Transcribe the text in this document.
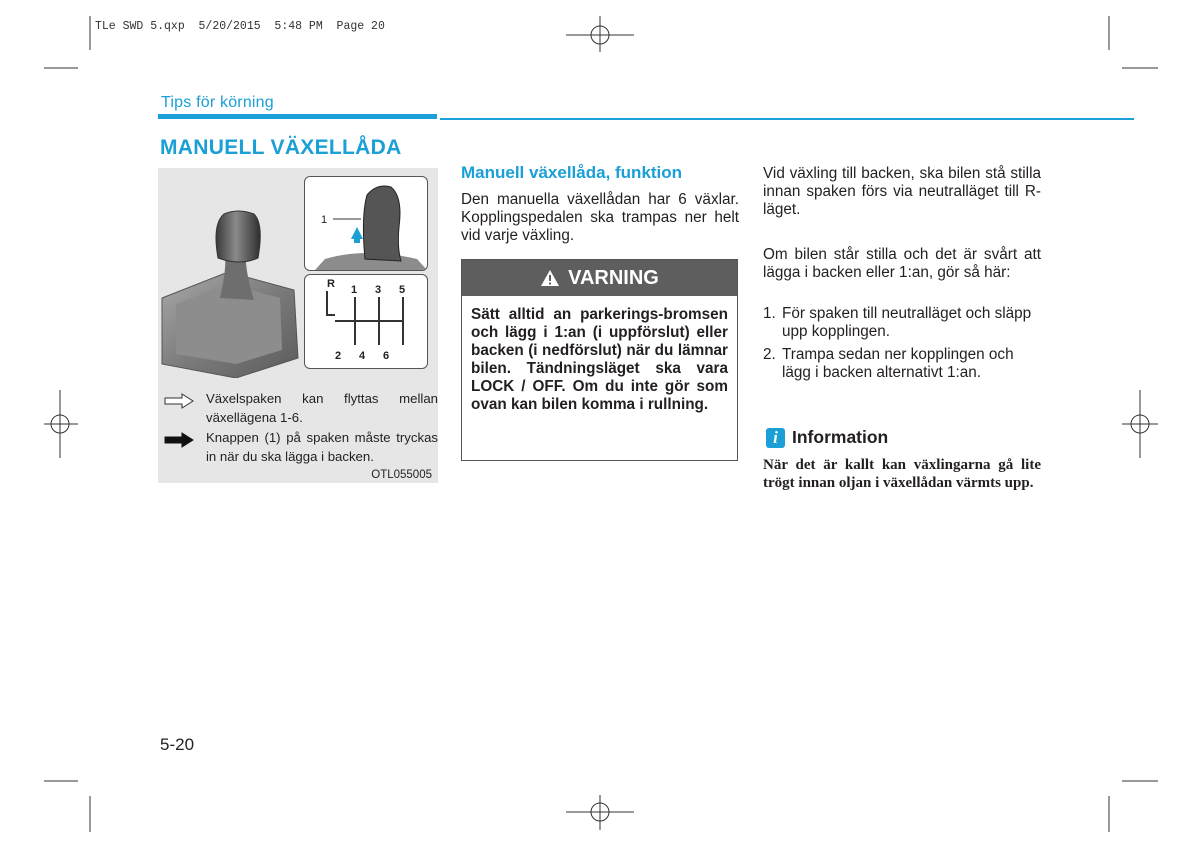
TLe SWD 5.qxp  5/20/2015  5:48 PM  Page 20
Tips för körning
MANUELL VÄXELLÅDA
1
R 1 3 5
2 4 6
Växelspaken kan flyttas mellan växellägena 1-6.
Knappen (1) på spaken måste tryckas in när du ska lägga i backen.
OTL055005
Manuell växellåda, funktion
Den manuella växellådan har 6 växlar. Kopplingspedalen ska trampas ner helt vid varje växling.
VARNING
Sätt alltid an parkerings-bromsen och lägg i 1:an (i uppförslut) eller backen (i nedförslut) när du lämnar bilen. Tändningsläget ska vara LOCK / OFF. Om du inte gör som ovan kan bilen komma i rullning.
Vid växling till backen, ska bilen stå stilla innan spaken förs via neutralläget till R-läget.
Om bilen står stilla och det är svårt att lägga i backen eller 1:an, gör så här:
1. För spaken till neutralläget och släpp upp kopplingen.
2. Trampa sedan ner kopplingen och lägg i backen alternativt 1:an.
i Information
När det är kallt kan växlingarna gå lite trögt innan oljan i växellådan värmts upp.
5-20
